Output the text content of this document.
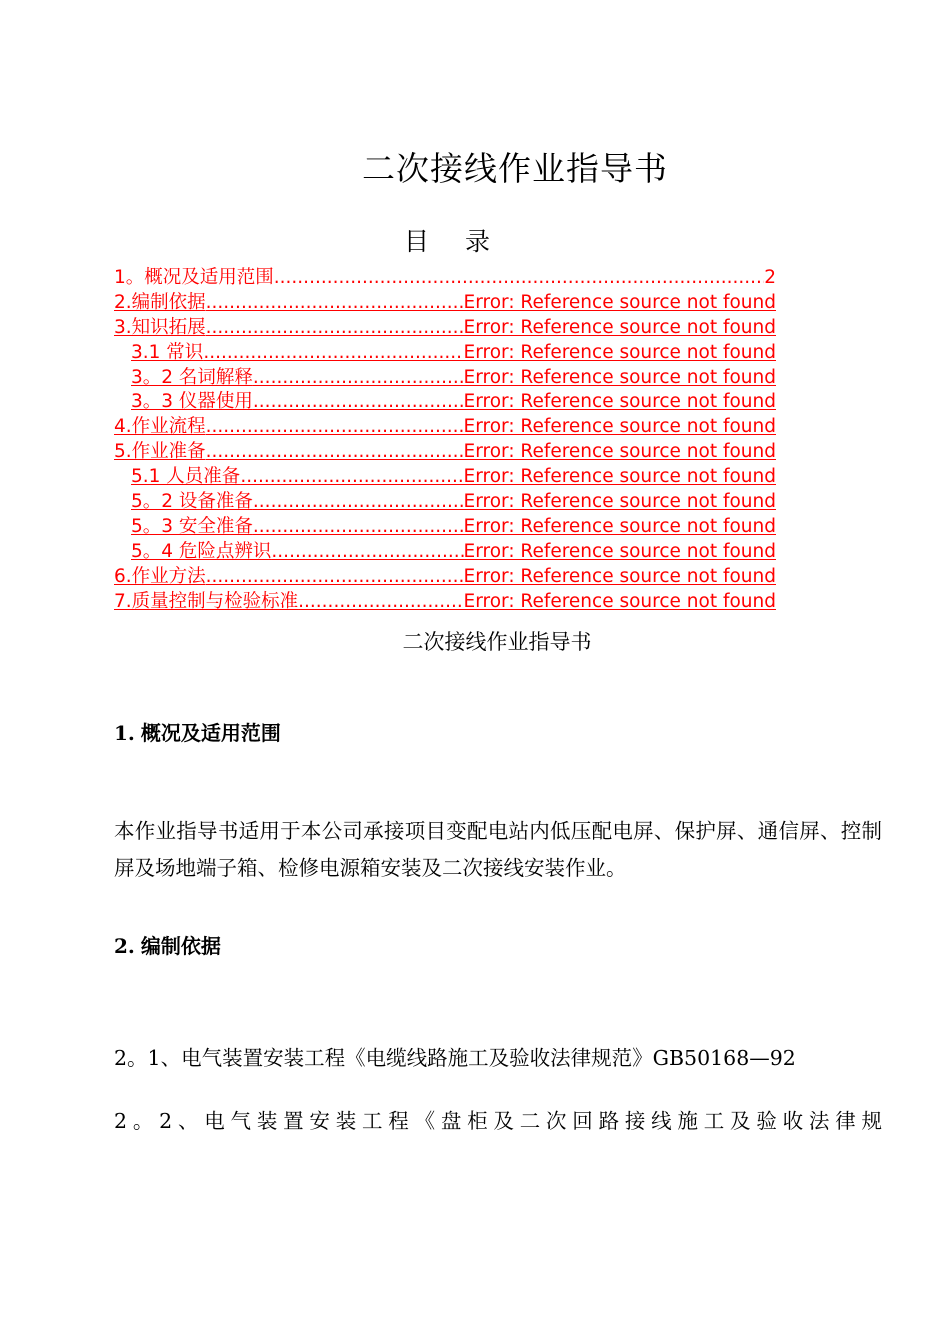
二次接线作业指导书
目 录
1。概况及适用范围 .....	2
2.编制依据 .....	Error: Reference source not found
3.知识拓展 .....	Error: Reference source not found
3.1 常识 .....	Error: Reference source not found
3。2 名词解释 .....	Error: Reference source not found
3。3 仪器使用 .....	Error: Reference source not found
4.作业流程 .....	Error: Reference source not found
5.作业准备 .....	Error: Reference source not found
5.1 人员准备 .....	Error: Reference source not found
5。2 设备准备 .....	Error: Reference source not found
5。3 安全准备 .....	Error: Reference source not found
5。4 危险点辨识 .....	Error: Reference source not found
6.作业方法 .....	Error: Reference source not found
7.质量控制与检验标准 .....	Error: Reference source not found
二次接线作业指导书
1. 概况及适用范围

本作业指导书适用于本公司承接项目变配电站内低压配电屏、保护屏、通信屏、控制屏及场地端子箱、检修电源箱安装及二次接线安装作业。

2. 编制依据

2。1、电气装置安装工程《电缆线路施工及验收法律规范》GB50168—92

2。2、电气装置安装工程《盘柜及二次回路接线施工及验收法律规
